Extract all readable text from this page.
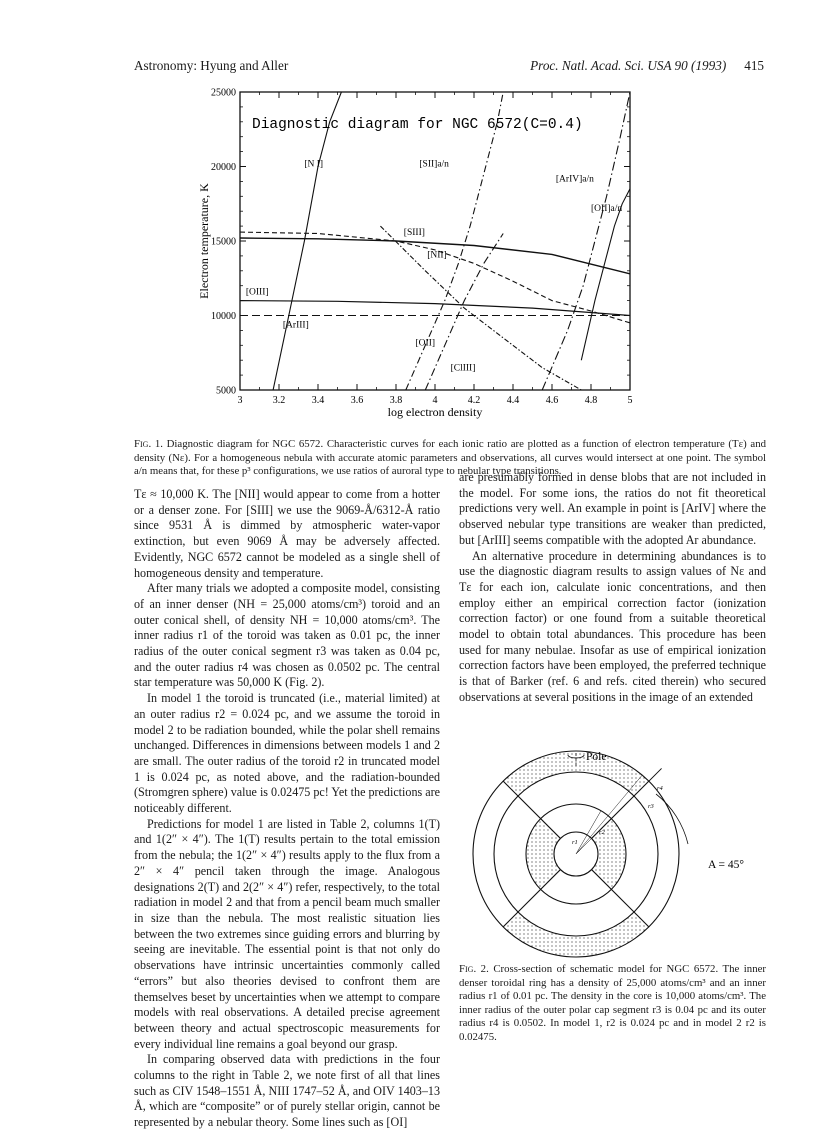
Astronomy: Hyung and Aller	Proc. Natl. Acad. Sci. USA 90 (1993) 415
5000
10000
15000
20000
25000
3	3.2	3.4	3.6	3.8	4	4.2	4.4	4.6	4.8	5
[N I]	[SII]a/n
[ArIV]a/n
[OII]a/n
[SIII]
[NII]
[OIII]
[ArIII]
[OII]
[ClIII]
Diagnostic diagram for NGC 6572(C=0.4)
Electron temperature, K
log electron density
Fig. 1. Diagnostic diagram for NGC 6572. Characteristic curves for each ionic ratio are plotted as a function of electron temperature (Tε) and density (Nε). For a homogeneous nebula with accurate atomic parameters and observations, all curves would intersect at one point. The symbol a/n means that, for these p³ configurations, we use ratios of auroral type to nebular type transitions.

Tε ≈ 10,000 K. The [NII] would appear to come from a hotter or a denser zone. For [SIII] we use the 9069-Å/6312-Å ratio since 9531 Å is dimmed by atmospheric water-vapor extinction, but even 9069 Å may be adversely affected. Evidently, NGC 6572 cannot be modeled as a single shell of homogeneous density and temperature.

After many trials we adopted a composite model, consisting of an inner denser (NH = 25,000 atoms/cm³) toroid and an outer conical shell, of density NH = 10,000 atoms/cm³. The inner radius r1 of the toroid was taken as 0.01 pc, the inner radius of the outer conical segment r3 was taken as 0.04 pc, and the outer radius r4 was chosen as 0.0502 pc. The central star temperature was 50,000 K (Fig. 2).

In model 1 the toroid is truncated (i.e., material limited) at an outer radius r2 = 0.024 pc, and we assume the toroid in model 2 to be radiation bounded, while the polar shell remains unchanged. Differences in dimensions between models 1 and 2 are small. The outer radius of the toroid r2 in truncated model 1 is 0.024 pc, as noted above, and the radiation-bounded (Stromgren sphere) value is 0.02475 pc! Yet the predictions are noticeably different.

Predictions for model 1 are listed in Table 2, columns 1(T) and 1(2″ × 4″). The 1(T) results pertain to the total emission from the nebula; the 1(2″ × 4″) results apply to the flux from a 2″ × 4″ pencil taken through the image. Analogous designations 2(T) and 2(2″ × 4″) refer, respectively, to the total radiation in model 2 and that from a pencil beam much smaller in size than the nebula. The most realistic situation lies between the two extremes since guiding errors and blurring by seeing are inevitable. The essential point is that not only do observations have intrinsic uncertainties commonly called “errors” but also theories devised to confront them are themselves beset by uncertainties when we attempt to compare models with real observations. A detailed precise agreement between theory and actual spectroscopic measurements for every individual line remains a goal beyond our grasp.

In comparing observed data with predictions in the four columns to the right in Table 2, we note first of all that lines such as CIV 1548–1551 Å, NIII 1747–52 Å, and OIV 1403–13 Å, which are “composite” or of purely stellar origin, cannot be represented by a nebular theory. Some lines such as [OI]

are presumably formed in dense blobs that are not included in the model. For some ions, the ratios do not fit theoretical predictions very well. An example in point is [ArIV] where the observed nebular type transitions are weaker than predicted, but [ArIII] seems compatible with the adopted Ar abundance.

An alternative procedure in determining abundances is to use the diagnostic diagram results to assign values of Nε and Tε for each ion, calculate ionic concentrations, and then employ either an empirical correction factor (ionization correction factor) or one found from a suitable theoretical model to obtain total abundances. This procedure has been used for many nebulae. Insofar as use of empirical ionization correction factors have been employed, the preferred technique is that of Barker (ref. 6 and refs. cited therein) who secured observations at several positions in the image of an extended

Pole
A = 45°
r1
r2
r3
r4
Fig. 2. Cross-section of schematic model for NGC 6572. The inner denser toroidal ring has a density of 25,000 atoms/cm³ and an inner radius r1 of 0.01 pc. The density in the core is 10,000 atoms/cm³. The inner radius of the outer polar cap segment r3 is 0.04 pc and its outer radius r4 is 0.0502. In model 1, r2 is 0.024 pc and in model 2 r2 is 0.02475.
